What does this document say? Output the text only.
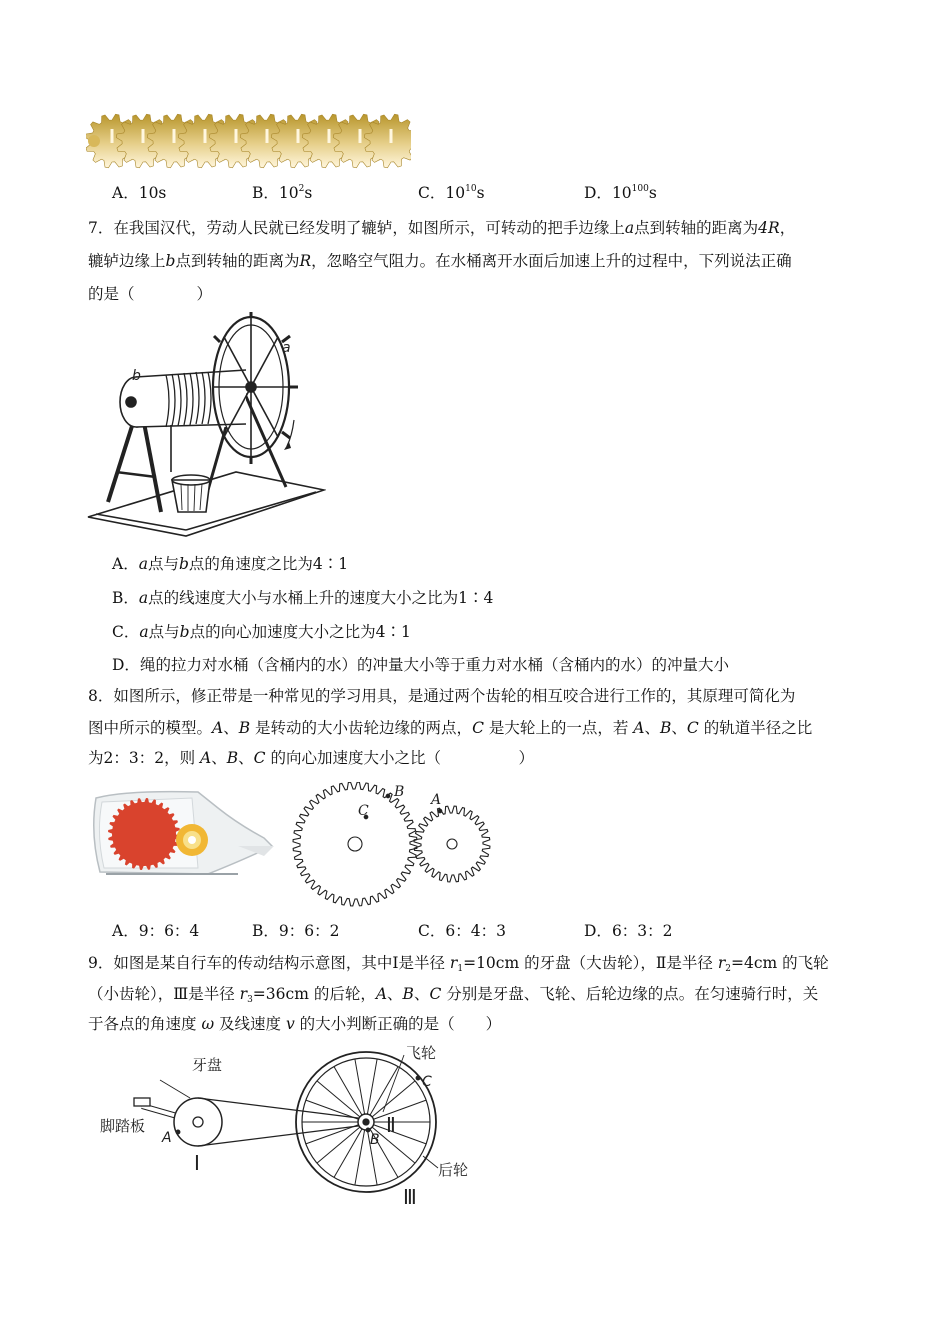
A．10s	B．$10^2s$	C．$10^{10}s$	D．$10^{100}s$
7．在我国汉代，劳动人民就已经发明了辘轳，如图所示，可转动的把手边缘上a点到转轴的距离为4R，
辘轳边缘上b点到转轴的距离为R，忽略空气阻力。在水桶离开水面后加速上升的过程中，下列说法正确
的是（　　　　）
a
b
A．a点与b点的角速度之比为4∶1
B．a点的线速度大小与水桶上升的速度大小之比为1∶4
C．a点与b点的向心加速度大小之比为4∶1
D．绳的拉力对水桶（含桶内的水）的冲量大小等于重力对水桶（含桶内的水）的冲量大小
8．如图所示，修正带是一种常见的学习用具，是通过两个齿轮的相互咬合进行工作的，其原理可简化为
图中所示的模型。A、B 是转动的大小齿轮边缘的两点，C 是大轮上的一点，若 A、B、C 的轨道半径之比
为2：3：2，则 A、B、C 的向心加速度大小之比（　　　　　）
C
B A
A．9：6：4	B．9：6：2	C．6：4：3	D．6：3：2
9．如图是某自行车的传动结构示意图，其中Ⅰ是半径 $r_1=10cm$ 的牙盘（大齿轮），Ⅱ是半径 $r_2=4cm$ 的飞轮
（小齿轮），Ⅲ是半径 $r_3=36cm$ 的后轮，A、B、C 分别是牙盘、飞轮、后轮边缘的点。在匀速骑行时，关
于各点的角速度 ω 及线速度 v 的大小判断正确的是（　　）
牙盘
脚踏板
飞轮
后轮
Ⅰ
Ⅱ
Ⅲ
A	B
C
